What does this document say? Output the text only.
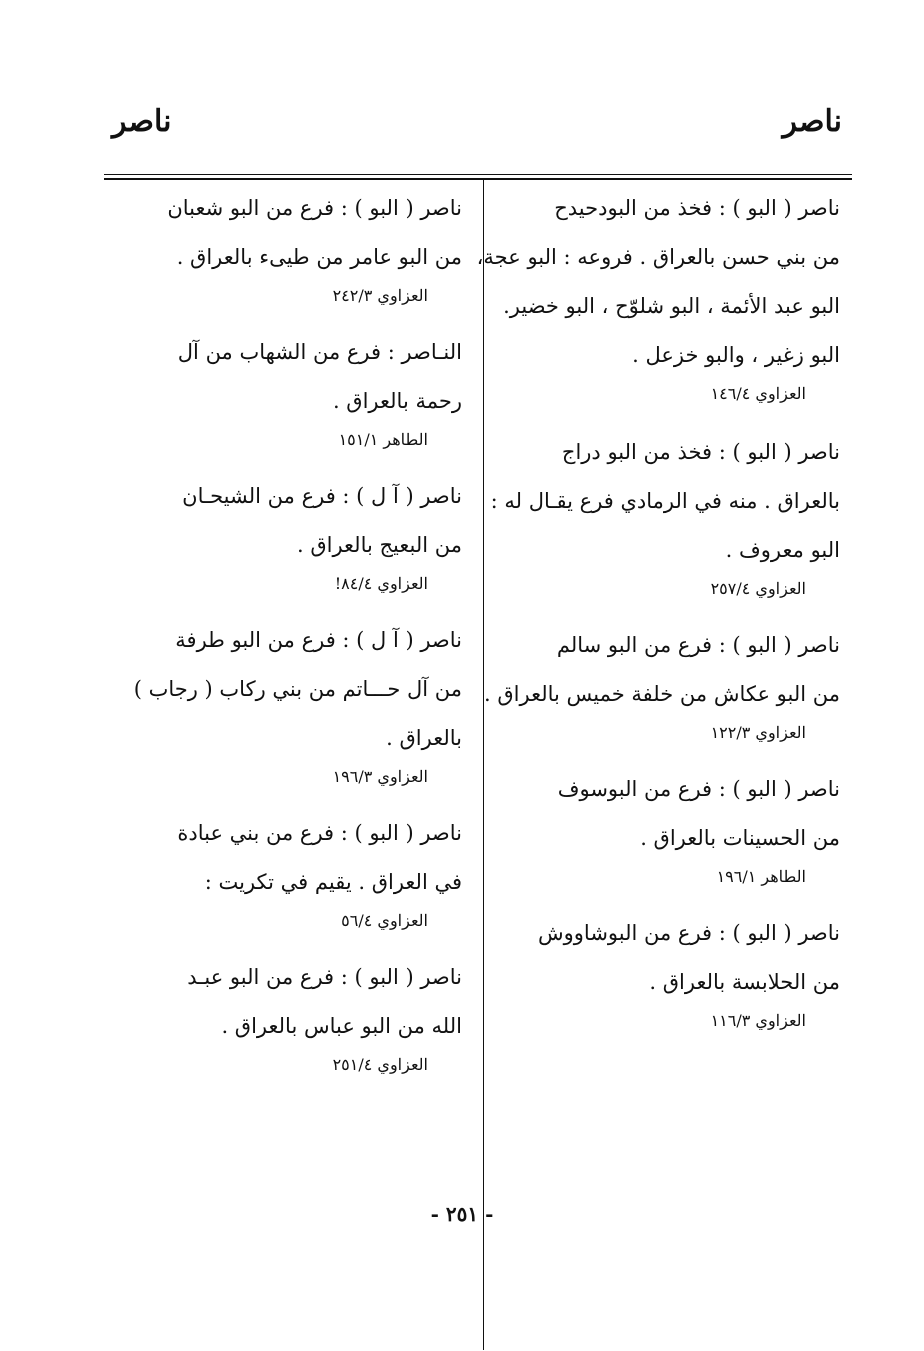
ناصر
ناصر
ناصر ( البو ) : فخذ من البودحيدح
من بني حسن بالعراق . فروعه : البو عجة،
البو عبد الأئمة ، البو شلوّح ، البو خضير.
البو زغير ، والبو خزعل .
العزاوي ١٤٦/٤
ناصر ( البو ) : فخذ من البو دراج
بالعراق . منه في الرمادي فرع يقـال له :
البو معروف .
العزاوي ٢٥٧/٤
ناصر ( البو ) : فرع من البو سالم
من البو عكاش من خلفة خميس بالعراق .
العزاوي ١٢٢/٣
ناصر ( البو ) : فرع من البوسوف
من الحسينات بالعراق .
الطاهر ١٩٦/١
ناصر ( البو ) : فرع من البوشاووش
من الحلابسة بالعراق .
العزاوي ١١٦/٣
ناصر ( البو ) : فرع من البو شعبان
من البو عامر من طيىء بالعراق .
العزاوي ٢٤٢/٣
النـاصر : فرع من الشهاب من آل
رحمة بالعراق .
الطاهر ١٥١/١
ناصر ( آ ل ) : فرع من الشيحـان
من البعيج بالعراق .
العزاوي ٨٤/٤!
ناصر ( آ ل ) : فرع من البو طرفة
من آل حـــاتم من بني ركاب ( رجاب )
بالعراق .
العزاوي ١٩٦/٣
ناصر ( البو ) : فرع من بني عبادة
في العراق . يقيم في تكريت :
العزاوي ٥٦/٤
ناصر ( البو ) : فرع من البو عبـد
الله من البو عباس بالعراق .
العزاوي ٢٥١/٤
- ٢٥١ -
